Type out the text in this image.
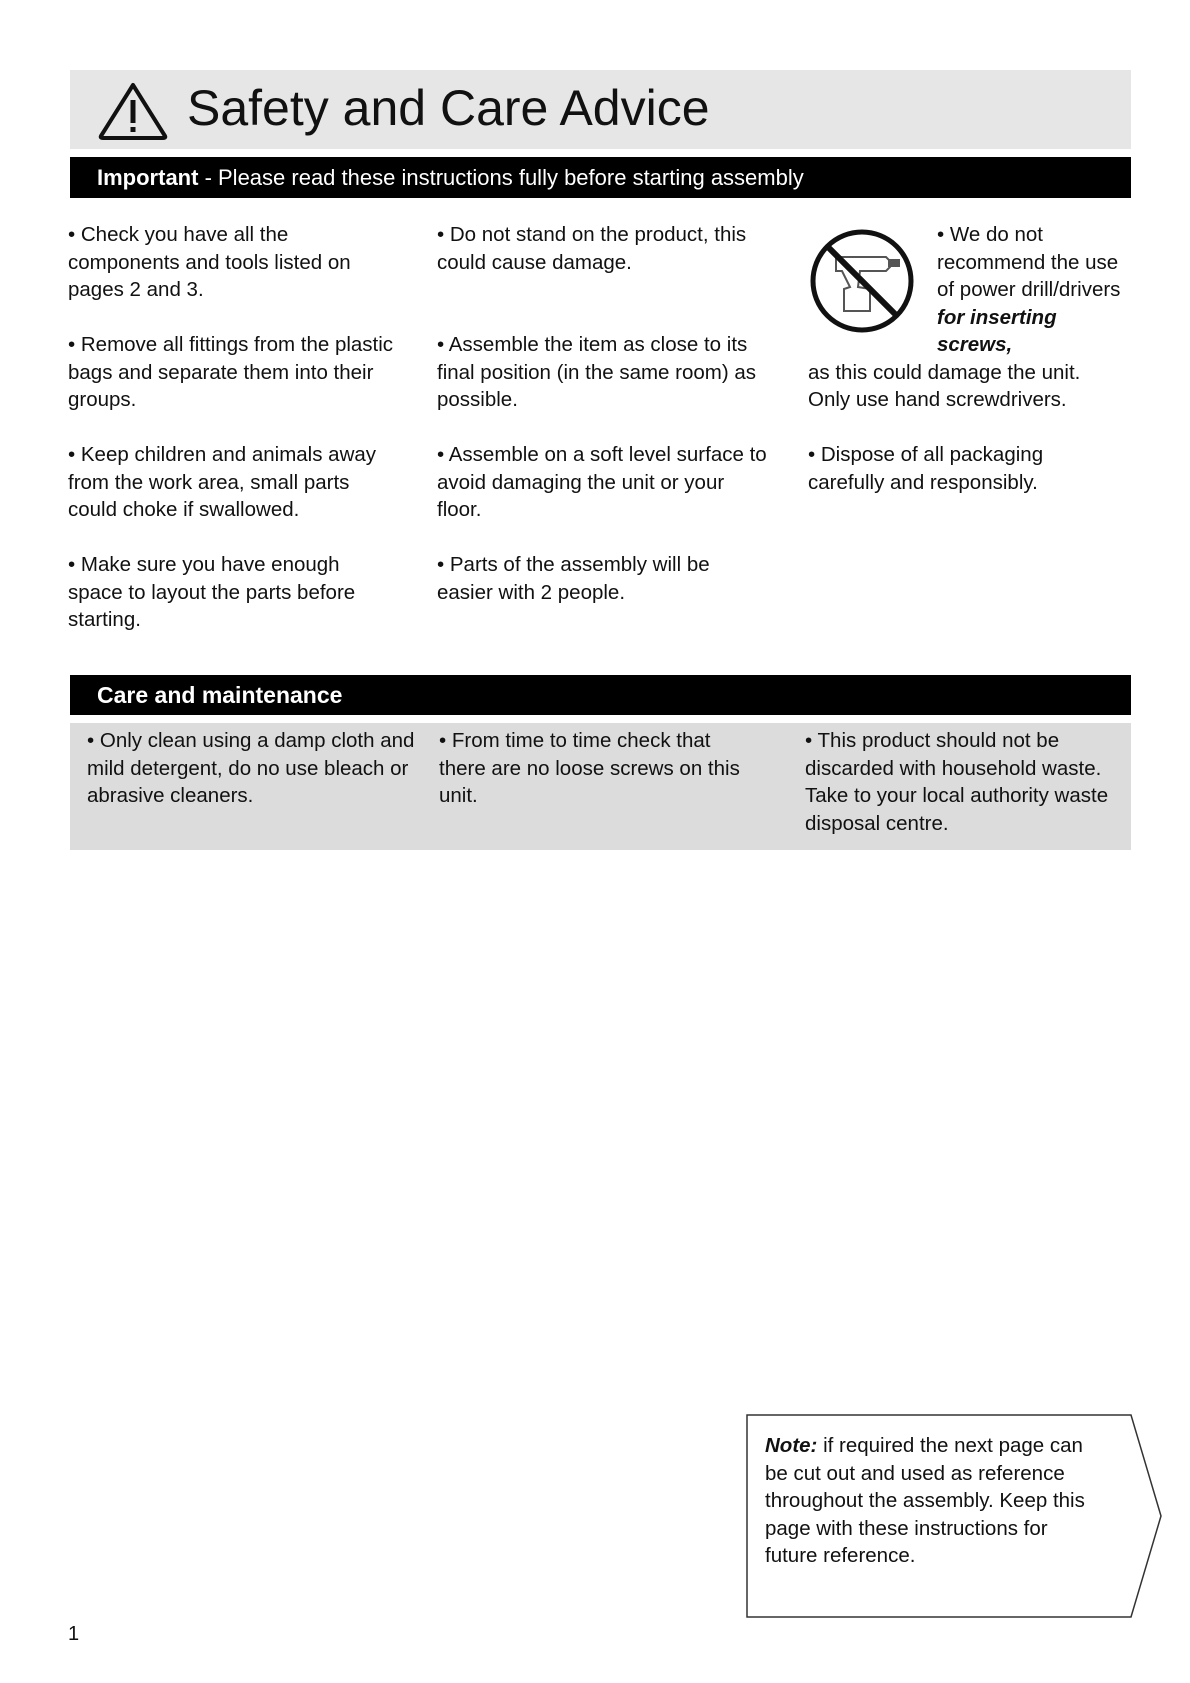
Safety and Care Advice
Important - Please read these instructions fully before starting assembly
• Check you have all the components and tools listed on pages 2 and 3.
• Remove all fittings from the plastic bags and separate them into their groups.
• Keep children and animals away from the work area, small parts could choke if swallowed.
• Make sure you have enough space to layout the parts before starting.
• Do not stand on the product, this could cause damage.
• Assemble the item as close to its final position (in the same room) as possible.
• Assemble on a soft level surface to avoid damaging the unit or your floor.
• Parts of the assembly will be easier with 2 people.
• We do not recommend the use of power drill/drivers for inserting screws,
as this could damage the unit. Only use hand screwdrivers.
• Dispose of all packaging carefully and responsibly.
Care and maintenance
• Only clean using a damp cloth and mild detergent, do no use bleach or abrasive cleaners.
• From time to time check that there are no loose screws on this unit.
• This product should not be discarded with household waste. Take to your local authority waste disposal centre.
Note: if required the next page can be cut out and used as reference throughout the assembly. Keep this page with these instructions for future reference.
1
